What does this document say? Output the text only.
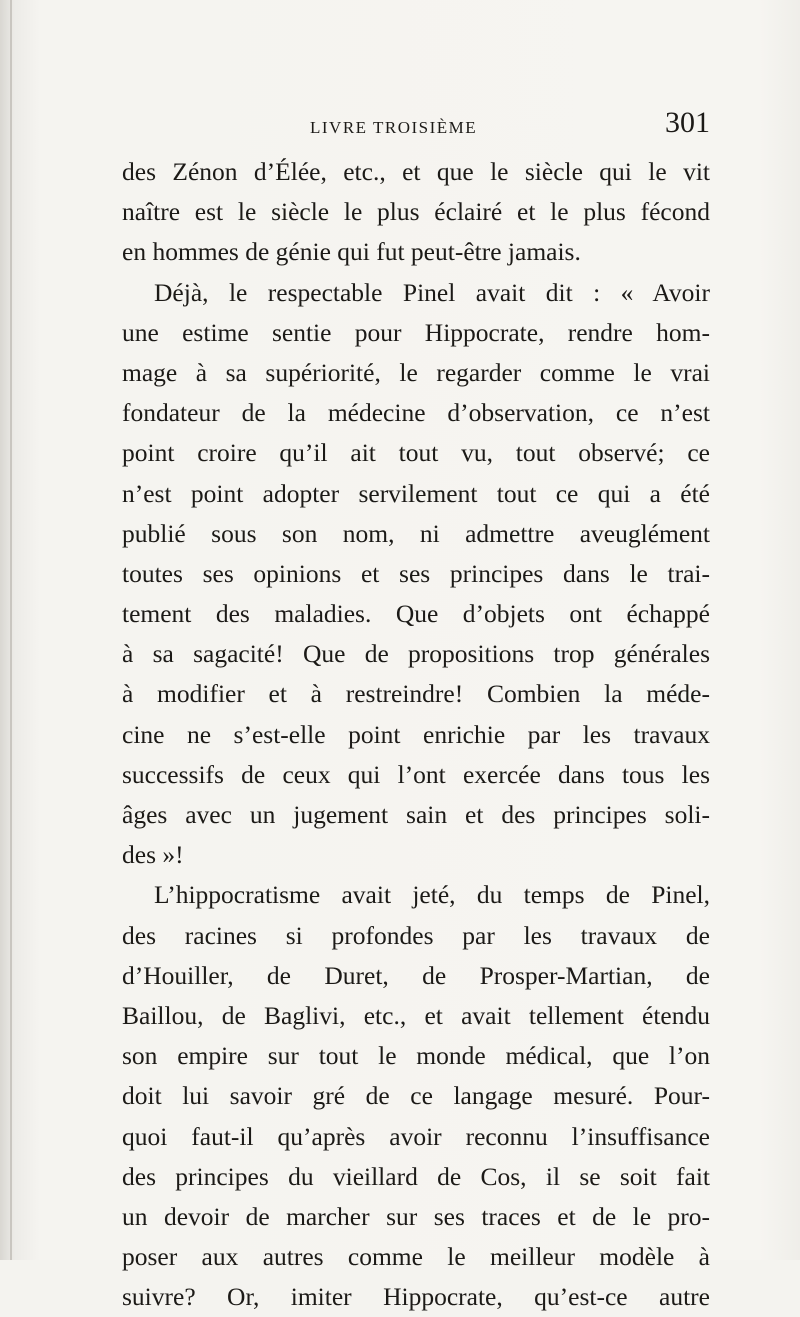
LIVRE TROISIÈME	301
des Zénon d’Élée, etc., et que le siècle qui le vit
naître est le siècle le plus éclairé et le plus fécond
en hommes de génie qui fut peut-être jamais.
Déjà, le respectable Pinel avait dit : « Avoir
une estime sentie pour Hippocrate, rendre hom-
mage à sa supériorité, le regarder comme le vrai
fondateur de la médecine d’observation, ce n’est
point croire qu’il ait tout vu, tout observé; ce
n’est point adopter servilement tout ce qui a été
publié sous son nom, ni admettre aveuglément
toutes ses opinions et ses principes dans le trai-
tement des maladies. Que d’objets ont échappé
à sa sagacité! Que de propositions trop générales
à modifier et à restreindre! Combien la méde-
cine ne s’est-elle point enrichie par les travaux
successifs de ceux qui l’ont exercée dans tous les
âges avec un jugement sain et des principes soli-
des »!
L’hippocratisme avait jeté, du temps de Pinel,
des racines si profondes par les travaux de
d’Houiller, de Duret, de Prosper-Martian, de
Baillou, de Baglivi, etc., et avait tellement étendu
son empire sur tout le monde médical, que l’on
doit lui savoir gré de ce langage mesuré. Pour-
quoi faut-il qu’après avoir reconnu l’insuffisance
des principes du vieillard de Cos, il se soit fait
un devoir de marcher sur ses traces et de le pro-
poser aux autres comme le meilleur modèle à
suivre? Or, imiter Hippocrate, qu’est-ce autre
